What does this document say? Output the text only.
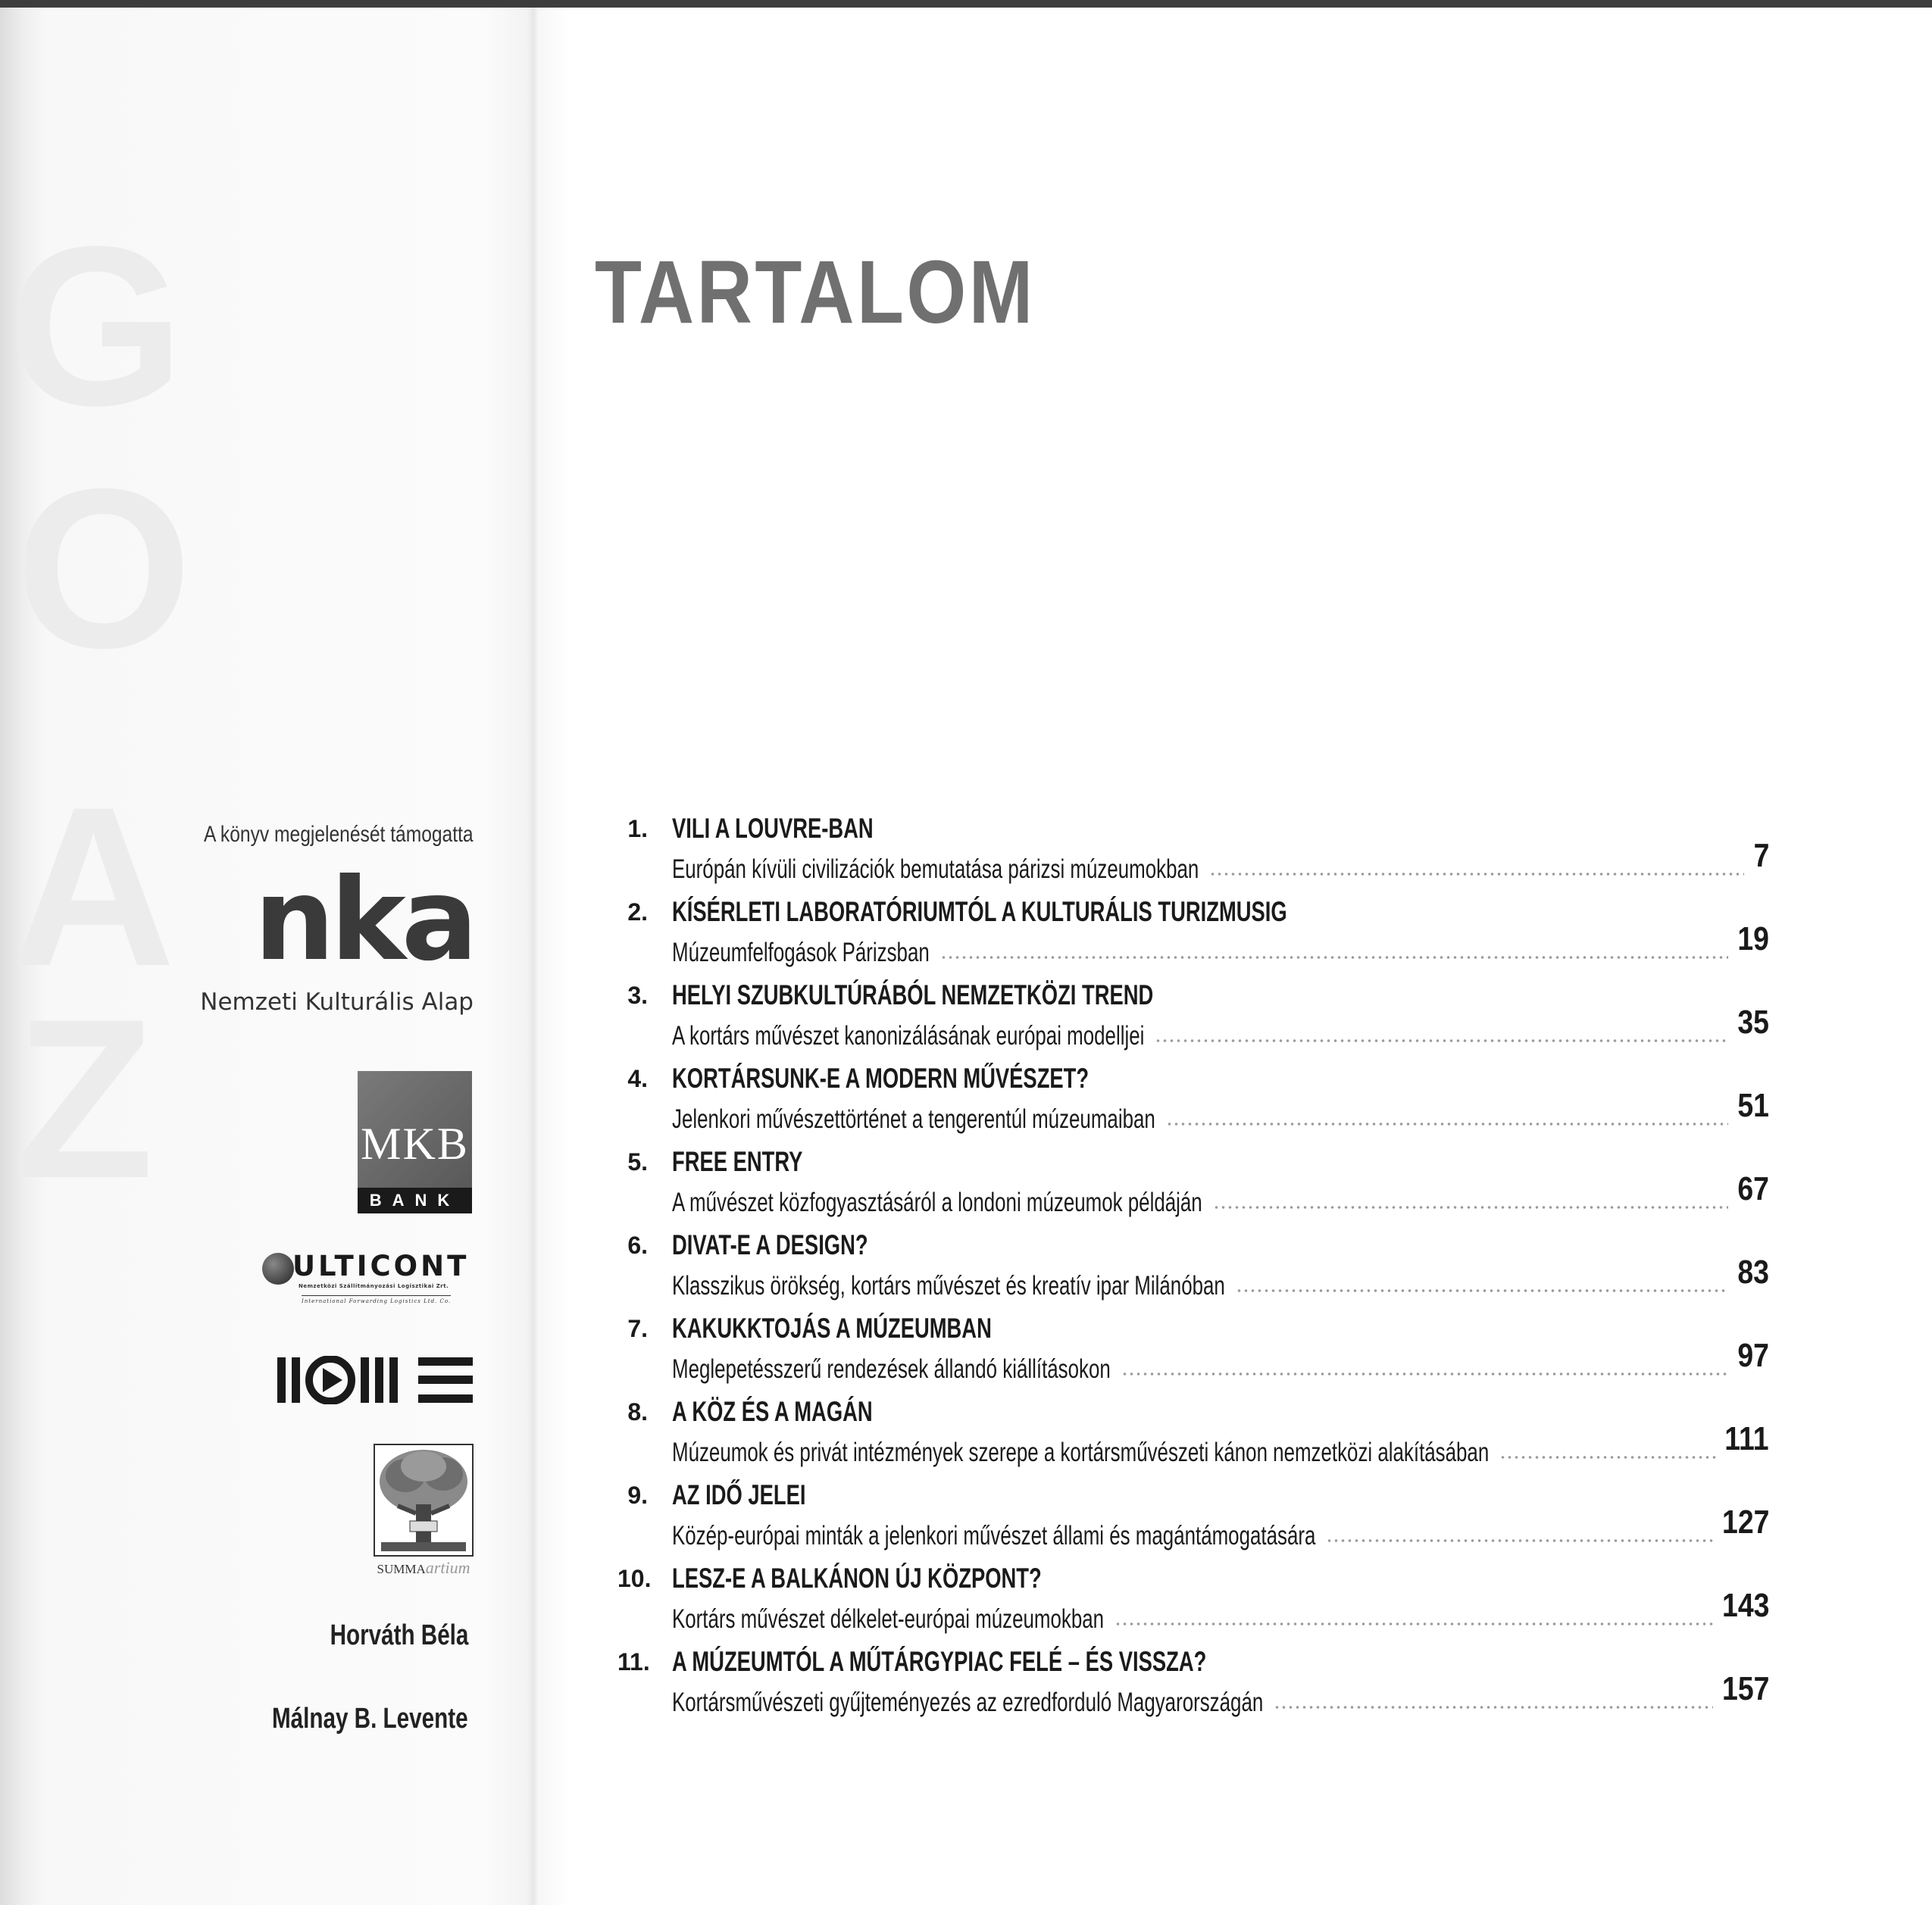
G
O
A
Z
TARTALOM
A könyv megjelenését támogatta
nka
Nemzeti Kulturális Alap
MKB
BANK
ULTICONT
Nemzetközi Szállítmányozási Logisztikai Zrt.
International Forwarding Logistics Ltd. Co.
SUMMAartium
Horváth Béla
Málnay B. Levente
1. VILI A LOUVRE-BAN
Európán kívüli civilizációk bemutatása párizsi múzeumokban	7
2. KÍSÉRLETI LABORATÓRIUMTÓL A KULTURÁLIS TURIZMUSIG
Múzeumfelfogások Párizsban	19
3. HELYI SZUBKULTÚRÁBÓL NEMZETKÖZI TREND
A kortárs művészet kanonizálásának európai modelljei	35
4. KORTÁRSUNK-E A MODERN MŰVÉSZET?
Jelenkori művészettörténet a tengerentúl múzeumaiban	51
5. FREE ENTRY
A művészet közfogyasztásáról a londoni múzeumok példáján	67
6. DIVAT-E A DESIGN?
Klasszikus örökség, kortárs művészet és kreatív ipar Milánóban	83
7. KAKUKKTOJÁS A MÚZEUMBAN
Meglepetésszerű rendezések állandó kiállításokon	97
8. A KÖZ ÉS A MAGÁN
Múzeumok és privát intézmények szerepe a kortársművészeti kánon nemzetközi alakításában	111
9. AZ IDŐ JELEI
Közép-európai minták a jelenkori művészet állami és magántámogatására	127
10. LESZ-E A BALKÁNON ÚJ KÖZPONT?
Kortárs művészet délkelet-európai múzeumokban	143
11. A MÚZEUMTÓL A MŰTÁRGYPIAC FELÉ – ÉS VISSZA?
Kortársművészeti gyűjteményezés az ezredforduló Magyarországán	157
